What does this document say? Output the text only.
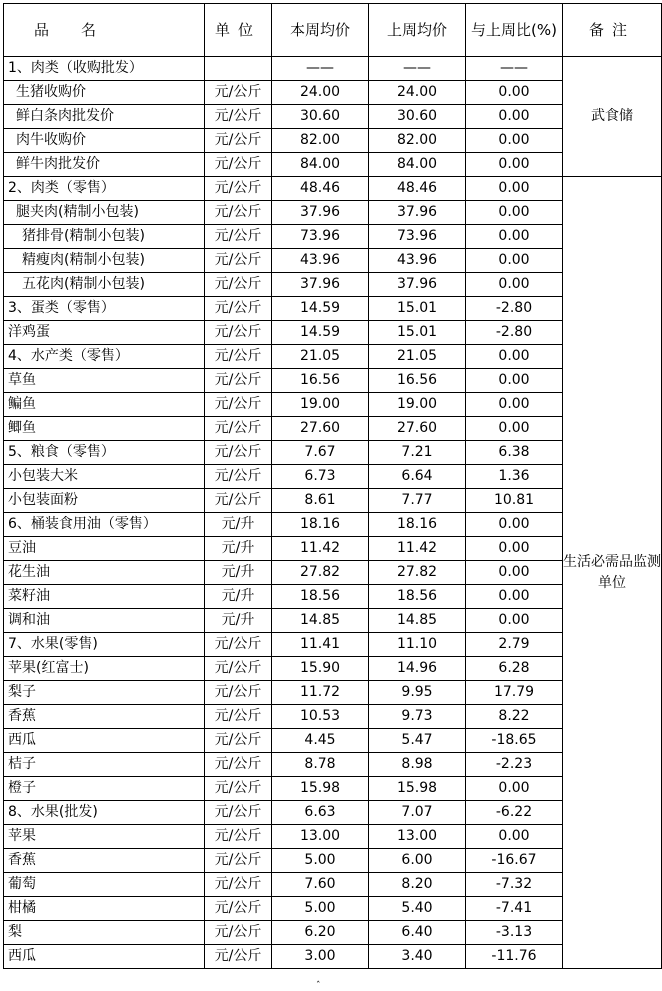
品名	单位	本周均价	上周均价	与上周比(%)	备注
1、肉类（收购批发）		——	——	——	武食储
生猪收购价	元/公斤	24.00	24.00	0.00	
鲜白条肉批发价	元/公斤	30.60	30.60	0.00	
肉牛收购价	元/公斤	82.00	82.00	0.00	
鲜牛肉批发价	元/公斤	84.00	84.00	0.00	
2、肉类（零售）	元/公斤	48.46	48.46	0.00	生活必需品监测单位
腿夹肉(精制小包装)	元/公斤	37.96	37.96	0.00	
猪排骨(精制小包装)	元/公斤	73.96	73.96	0.00	
精瘦肉(精制小包装)	元/公斤	43.96	43.96	0.00	
五花肉(精制小包装)	元/公斤	37.96	37.96	0.00	
3、蛋类（零售）	元/公斤	14.59	15.01	-2.80	
洋鸡蛋	元/公斤	14.59	15.01	-2.80	
4、水产类（零售）	元/公斤	21.05	21.05	0.00	
草鱼	元/公斤	16.56	16.56	0.00	
鳊鱼	元/公斤	19.00	19.00	0.00	
鲫鱼	元/公斤	27.60	27.60	0.00	
5、粮食（零售）	元/公斤	7.67	7.21	6.38	
小包装大米	元/公斤	6.73	6.64	1.36	
小包装面粉	元/公斤	8.61	7.77	10.81	
6、桶装食用油（零售）	元/升	18.16	18.16	0.00	
豆油	元/升	11.42	11.42	0.00	
花生油	元/升	27.82	27.82	0.00	
菜籽油	元/升	18.56	18.56	0.00	
调和油	元/升	14.85	14.85	0.00	
7、水果(零售)	元/公斤	11.41	11.10	2.79	
苹果(红富士)	元/公斤	15.90	14.96	6.28	
梨子	元/公斤	11.72	9.95	17.79	
香蕉	元/公斤	10.53	9.73	8.22	
西瓜	元/公斤	4.45	5.47	-18.65	
桔子	元/公斤	8.78	8.98	-2.23	
橙子	元/公斤	15.98	15.98	0.00	
8、水果(批发)	元/公斤	6.63	7.07	-6.22	
苹果	元/公斤	13.00	13.00	0.00	
香蕉	元/公斤	5.00	6.00	-16.67	
葡萄	元/公斤	7.60	8.20	-7.32	
柑橘	元/公斤	5.00	5.40	-7.41	
梨	元/公斤	6.20	6.40	-3.13	
西瓜	元/公斤	3.00	3.40	-11.76	
ˆ
